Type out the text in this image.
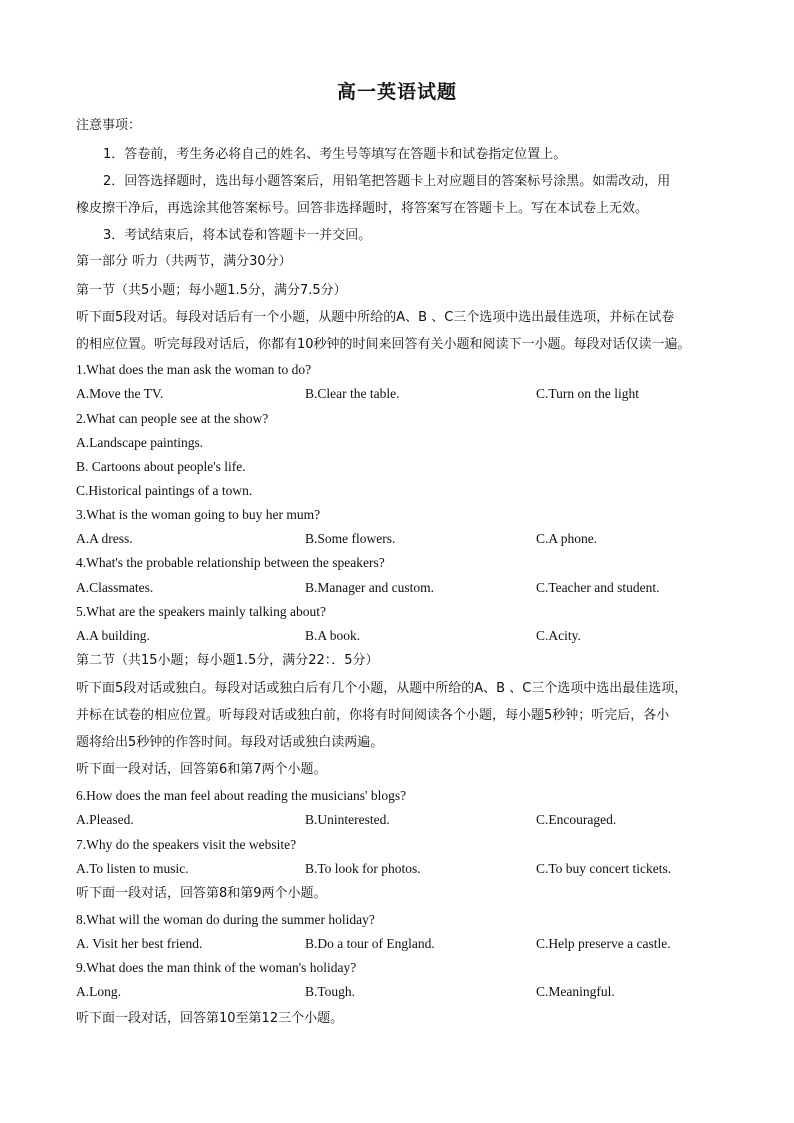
高一英语试题
注意事项：
1．答卷前，考生务必将自己的姓名、考生号等填写在答题卡和试卷指定位置上。
2．回答选择题时，选出每小题答案后，用铅笔把答题卡上对应题目的答案标号涂黑。如需改动，用
橡皮擦干净后，再选涂其他答案标号。回答非选择题时，将答案写在答题卡上。写在本试卷上无效。
3．考试结束后，将本试卷和答题卡一并交回。
第一部分 听力（共两节，满分30分）
第一节（共5小题；每小题1.5分，满分7.5分）
听下面5段对话。每段对话后有一个小题，从题中所给的A、B 、C三个选项中选出最佳选项，并标在试卷
的相应位置。听完每段对话后，你都有10秒钟的时间来回答有关小题和阅读下一小题。每段对话仅读一遍。
1.What does the man ask the woman to do?
A.Move the TV.	B.Clear the table.	C.Turn on the light
2.What can people see at the show?
A.Landscape paintings.
B. Cartoons about people's life.
C.Historical paintings of a town.
3.What is the woman going to buy her mum?
A.A dress.	B.Some flowers.	C.A phone.
4.What's the probable relationship between the speakers?
A.Classmates.	B.Manager and custom.	C.Teacher and student.
5.What are the speakers mainly talking about?
A.A building.	B.A book.	C.Acity.
第二节（共15小题；每小题1.5分，满分22：．5分）
听下面5段对话或独白。每段对话或独白后有几个小题，从题中所给的A、B 、C三个选项中选出最佳选项，
并标在试卷的相应位置。听每段对话或独白前，你将有时间阅读各个小题，每小题5秒钟；听完后，各小
题将给出5秒钟的作答时间。每段对话或独白读两遍。
听下面一段对话，回答第6和第7两个小题。
6.How does the man feel about reading the musicians' blogs?
A.Pleased.	B.Uninterested.	C.Encouraged.
7.Why do the speakers visit the website?
A.To listen to music.	B.To look for photos.	C.To buy concert tickets.
听下面一段对话，回答第8和第9两个小题。
8.What will the woman do during the summer holiday?
A. Visit her best friend.	B.Do a tour of England.	C.Help preserve a castle.
9.What does the man think of the woman's holiday?
A.Long.	B.Tough.	C.Meaningful.
听下面一段对话，回答第10至第12三个小题。
